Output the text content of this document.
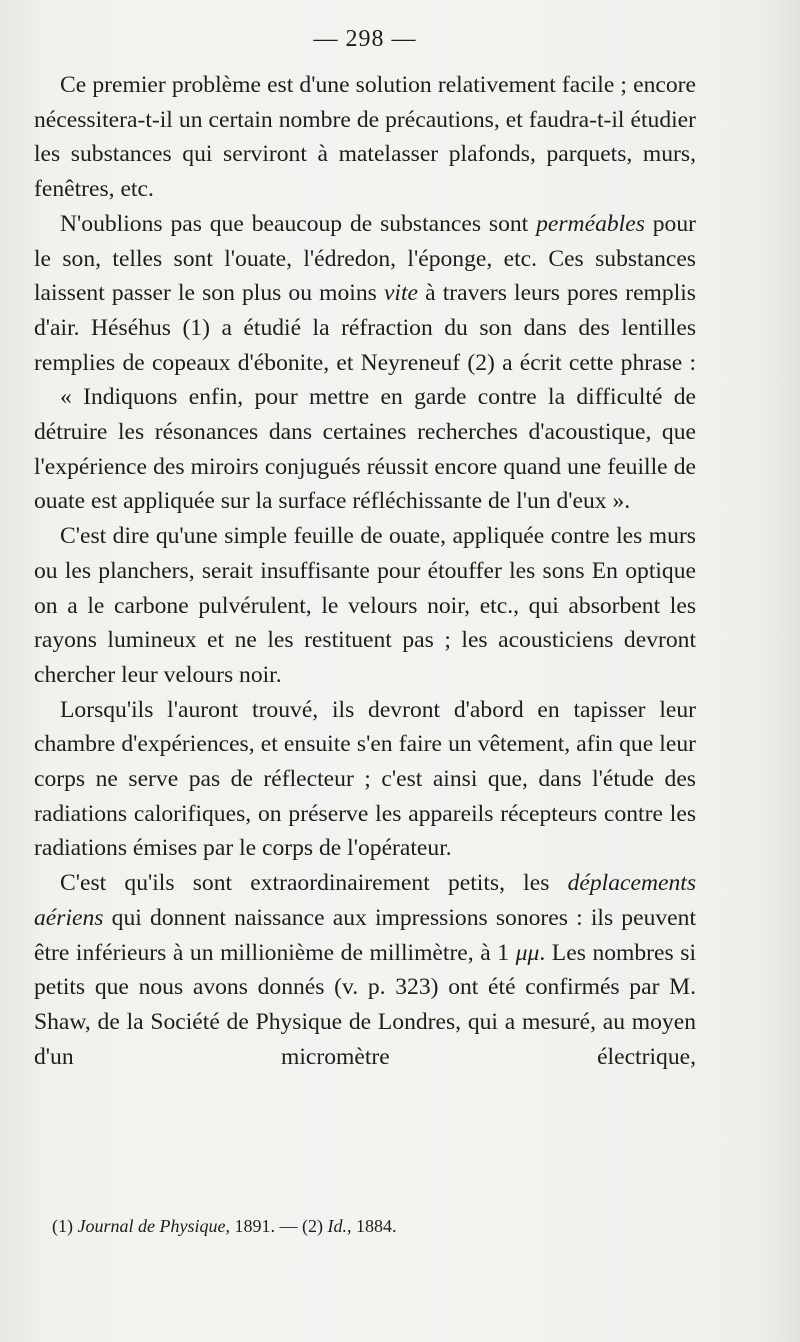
— 298 —

Ce premier problème est d'une solution relativement facile ; encore nécessitera-t-il un certain nombre de précautions, et faudra-t-il étudier les substances qui serviront à matelasser plafonds, parquets, murs, fenêtres, etc.

N'oublions pas que beaucoup de substances sont perméables pour le son, telles sont l'ouate, l'édredon, l'éponge, etc. Ces substances laissent passer le son plus ou moins vite à travers leurs pores remplis d'air. Héséhus (1) a étudié la réfraction du son dans des lentilles remplies de copeaux d'ébonite, et Neyreneuf (2) a écrit cette phrase :

« Indiquons enfin, pour mettre en garde contre la difficulté de détruire les résonances dans certaines recherches d'acoustique, que l'expérience des miroirs conjugués réussit encore quand une feuille de ouate est appliquée sur la surface réfléchissante de l'un d'eux ».

C'est dire qu'une simple feuille de ouate, appliquée contre les murs ou les planchers, serait insuffisante pour étouffer les sons En optique on a le carbone pulvérulent, le velours noir, etc., qui absorbent les rayons lumineux et ne les restituent pas ; les acousticiens devront chercher leur velours noir.

Lorsqu'ils l'auront trouvé, ils devront d'abord en tapisser leur chambre d'expériences, et ensuite s'en faire un vêtement, afin que leur corps ne serve pas de réflecteur ; c'est ainsi que, dans l'étude des radiations calorifiques, on préserve les appareils récepteurs contre les radiations émises par le corps de l'opérateur.

C'est qu'ils sont extraordinairement petits, les déplacements aériens qui donnent naissance aux impressions sonores : ils peuvent être inférieurs à un millionième de millimètre, à 1 μμ. Les nombres si petits que nous avons donnés (v. p. 323) ont été confirmés par M. Shaw, de la Société de Physique de Londres, qui a mesuré, au moyen d'un micromètre électrique,

(1) Journal de Physique, 1891. — (2) Id., 1884.
